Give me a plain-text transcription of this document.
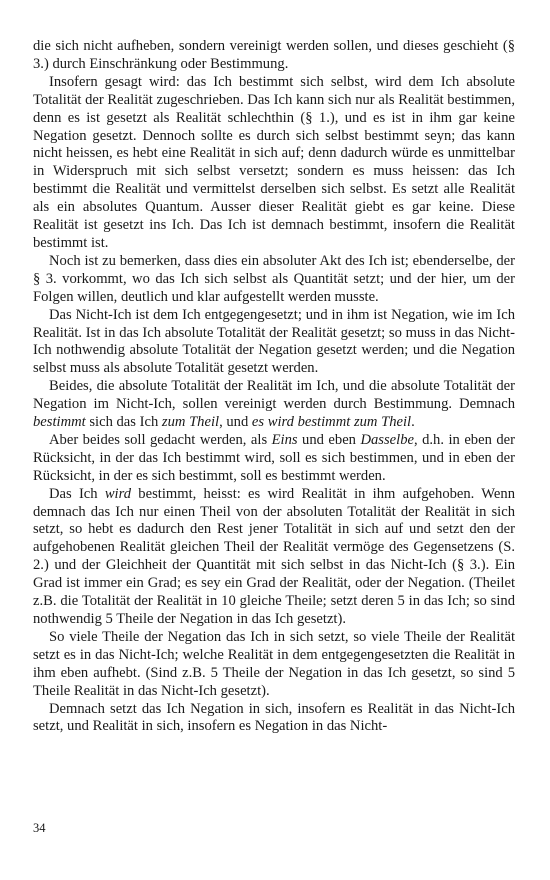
die sich nicht aufheben, sondern vereinigt werden sollen, und dieses geschieht (§ 3.) durch Einschränkung oder Bestimmung.

Insofern gesagt wird: das Ich bestimmt sich selbst, wird dem Ich absolute Totalität der Realität zugeschrieben. Das Ich kann sich nur als Realität bestimmen, denn es ist gesetzt als Realität schlechthin (§ 1.), und es ist in ihm gar keine Negation gesetzt. Dennoch sollte es durch sich selbst bestimmt seyn; das kann nicht heissen, es hebt eine Realität in sich auf; denn dadurch würde es unmittelbar in Widerspruch mit sich selbst versetzt; sondern es muss heissen: das Ich bestimmt die Realität und vermittelst derselben sich selbst. Es setzt alle Realität als ein absolutes Quantum. Ausser dieser Realität giebt es gar keine. Diese Realität ist gesetzt ins Ich. Das Ich ist demnach bestimmt, insofern die Realität bestimmt ist.

Noch ist zu bemerken, dass dies ein absoluter Akt des Ich ist; ebenderselbe, der § 3. vorkommt, wo das Ich sich selbst als Quantität setzt; und der hier, um der Folgen willen, deutlich und klar aufgestellt werden musste.

Das Nicht-Ich ist dem Ich entgegengesetzt; und in ihm ist Negation, wie im Ich Realität. Ist in das Ich absolute Totalität der Realität gesetzt; so muss in das Nicht-Ich nothwendig absolute Totalität der Negation gesetzt werden; und die Negation selbst muss als absolute Totalität gesetzt werden.

Beides, die absolute Totalität der Realität im Ich, und die absolute Totalität der Negation im Nicht-Ich, sollen vereinigt werden durch Bestimmung. Demnach bestimmt sich das Ich zum Theil, und es wird bestimmt zum Theil.

Aber beides soll gedacht werden, als Eins und eben Dasselbe, d.h. in eben der Rücksicht, in der das Ich bestimmt wird, soll es sich bestimmen, und in eben der Rücksicht, in der es sich bestimmt, soll es bestimmt werden.

Das Ich wird bestimmt, heisst: es wird Realität in ihm aufgehoben. Wenn demnach das Ich nur einen Theil von der absoluten Totalität der Realität in sich setzt, so hebt es dadurch den Rest jener Totalität in sich auf und setzt den der aufgehobenen Realität gleichen Theil der Realität vermöge des Gegensetzens (S. 2.) und der Gleichheit der Quantität mit sich selbst in das Nicht-Ich (§ 3.). Ein Grad ist immer ein Grad; es sey ein Grad der Realität, oder der Negation. (Theilet z.B. die Totalität der Realität in 10 gleiche Theile; setzt deren 5 in das Ich; so sind nothwendig 5 Theile der Negation in das Ich gesetzt).

So viele Theile der Negation das Ich in sich setzt, so viele Theile der Realität setzt es in das Nicht-Ich; welche Realität in dem entgegengesetzten die Realität in ihm eben aufhebt. (Sind z.B. 5 Theile der Negation in das Ich gesetzt, so sind 5 Theile Realität in das Nicht-Ich gesetzt).

Demnach setzt das Ich Negation in sich, insofern es Realität in das Nicht-Ich setzt, und Realität in sich, insofern es Negation in das Nicht-

34
